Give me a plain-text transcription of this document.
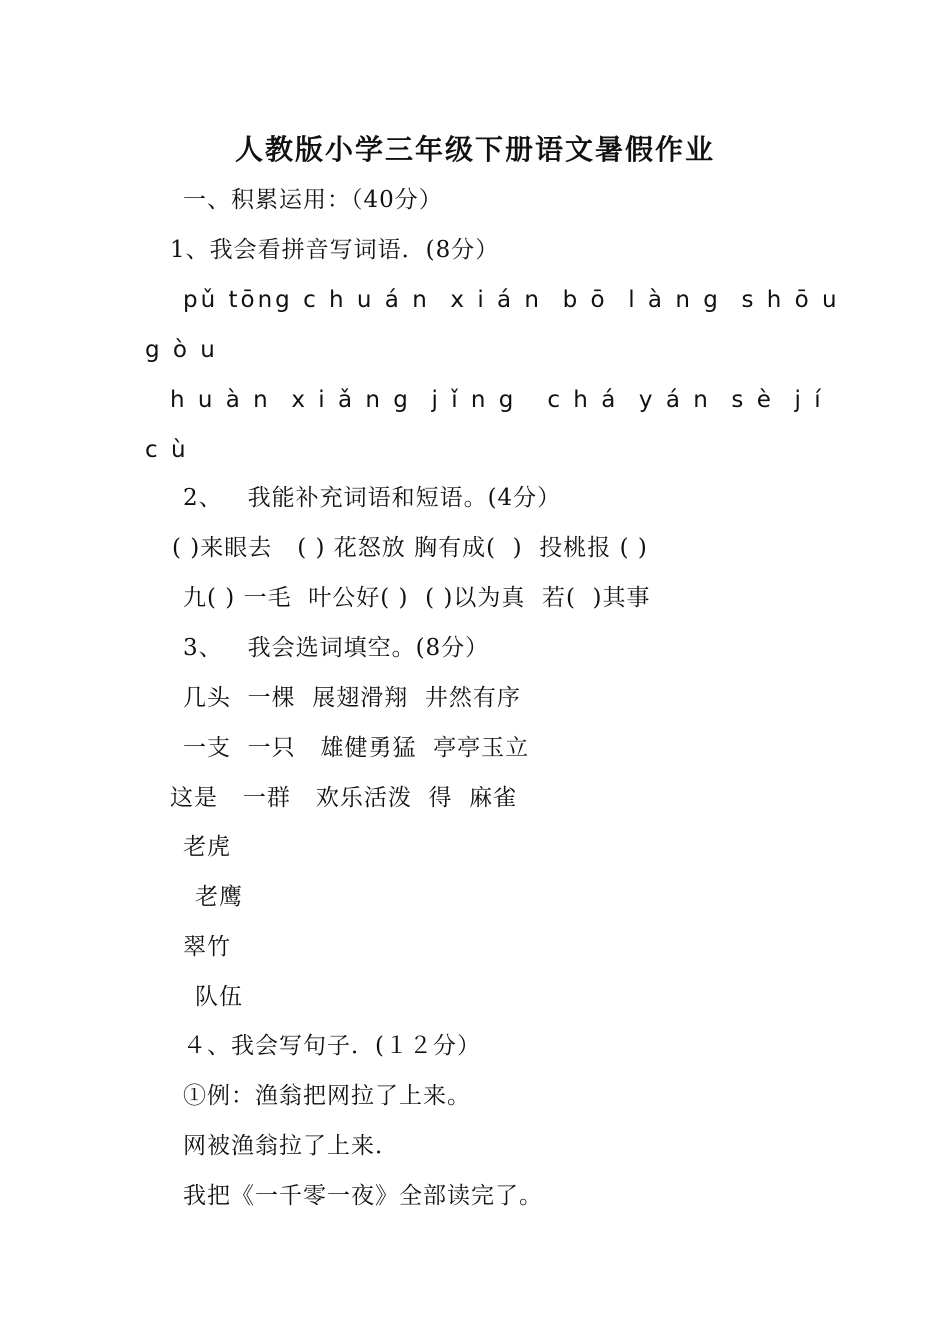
人教版小学三年级下册语文暑假作业
一、积累运用：（40分）
1、我会看拼音写词语．(8分）
pǔ tōng c h u á n  x i á n  b ō  l à n g  s h ō u
g ò u
h u à n  x i ǎ n g  j ǐ n g   c h á  y á n  s è  j í
c ù
2、   我能补充词语和短语。(4分）
( )来眼去   ( ) 花怒放 胸有成(  )  投桃报 ( )
九( ) 一毛  叶公好( )  ( )以为真  若(  )其事
3、   我会选词填空。(8分）
几头  一棵  展翅滑翔  井然有序
一支  一只   雄健勇猛  亭亭玉立
这是   一群   欢乐活泼  得  麻雀
老虎
老鹰
翠竹
队伍
４、我会写句子．(１２分）
①例：渔翁把网拉了上来。
网被渔翁拉了上来．
我把《一千零一夜》全部读完了。
